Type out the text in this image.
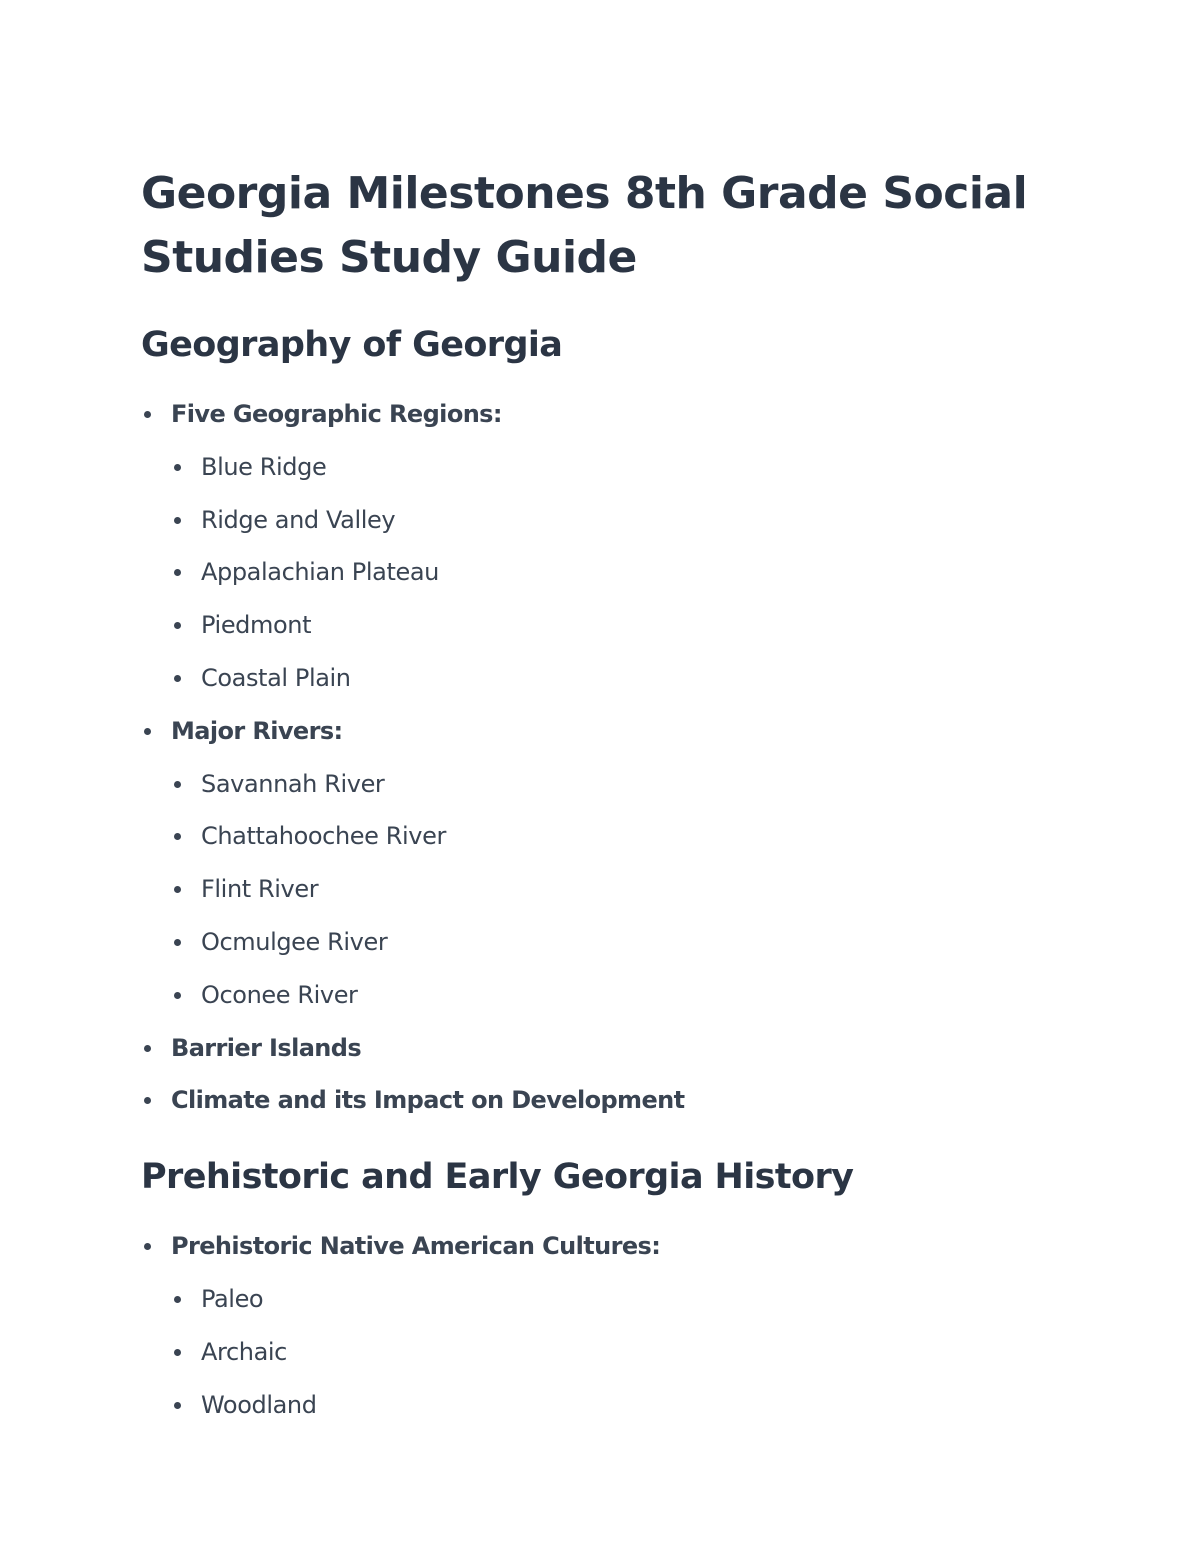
Georgia Milestones 8th Grade Social Studies Study Guide
Geography of Georgia
Five Geographic Regions:
Blue Ridge
Ridge and Valley
Appalachian Plateau
Piedmont
Coastal Plain
Major Rivers:
Savannah River
Chattahoochee River
Flint River
Ocmulgee River
Oconee River
Barrier Islands
Climate and its Impact on Development
Prehistoric and Early Georgia History
Prehistoric Native American Cultures:
Paleo
Archaic
Woodland
